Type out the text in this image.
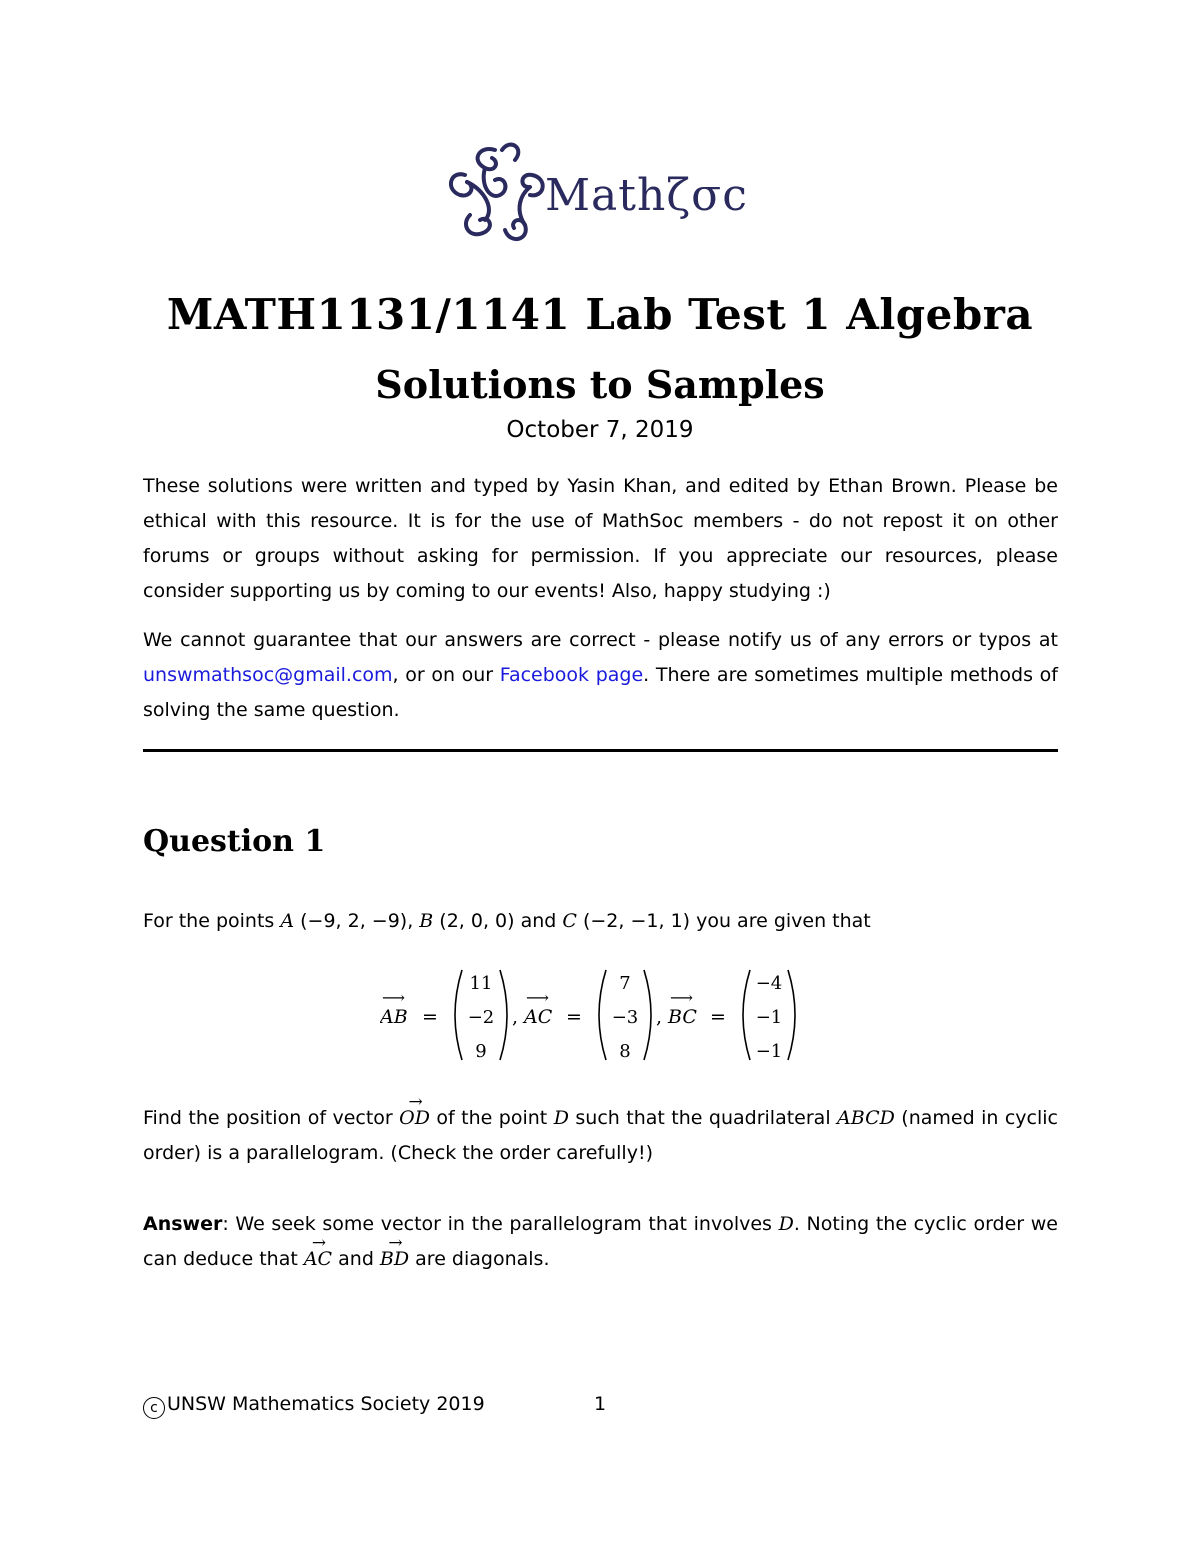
Mathζσc
MATH1131/1141 Lab Test 1 Algebra
Solutions to Samples
October 7, 2019
These solutions were written and typed by Yasin Khan, and edited by Ethan Brown. Please be ethical with this resource. It is for the use of MathSoc members - do not repost it on other forums or groups without asking for permission. If you appreciate our resources, please consider supporting us by coming to our events! Also, happy studying :)
We cannot guarantee that our answers are correct - please notify us of any errors or typos at unswmathsoc@gmail.com, or on our Facebook page. There are sometimes multiple methods of solving the same question.
Question 1
For the points A (−9, 2, −9), B (2, 0, 0) and C (−2, −1, 1) you are given that
AB
⟶
=
11
−2
9
, AC
⟶
=
7
−3
8
, BC
⟶
=
−4
−1
−1
Find the position of vector → OD of the point D such that the quadrilateral ABCD (named in cyclic order) is a parallelogram. (Check the order carefully!)
Answer: We seek some vector in the parallelogram that involves D. Noting the cyclic order we can deduce that → AC and → BD are diagonals.
c UNSW Mathematics Society 2019	1
